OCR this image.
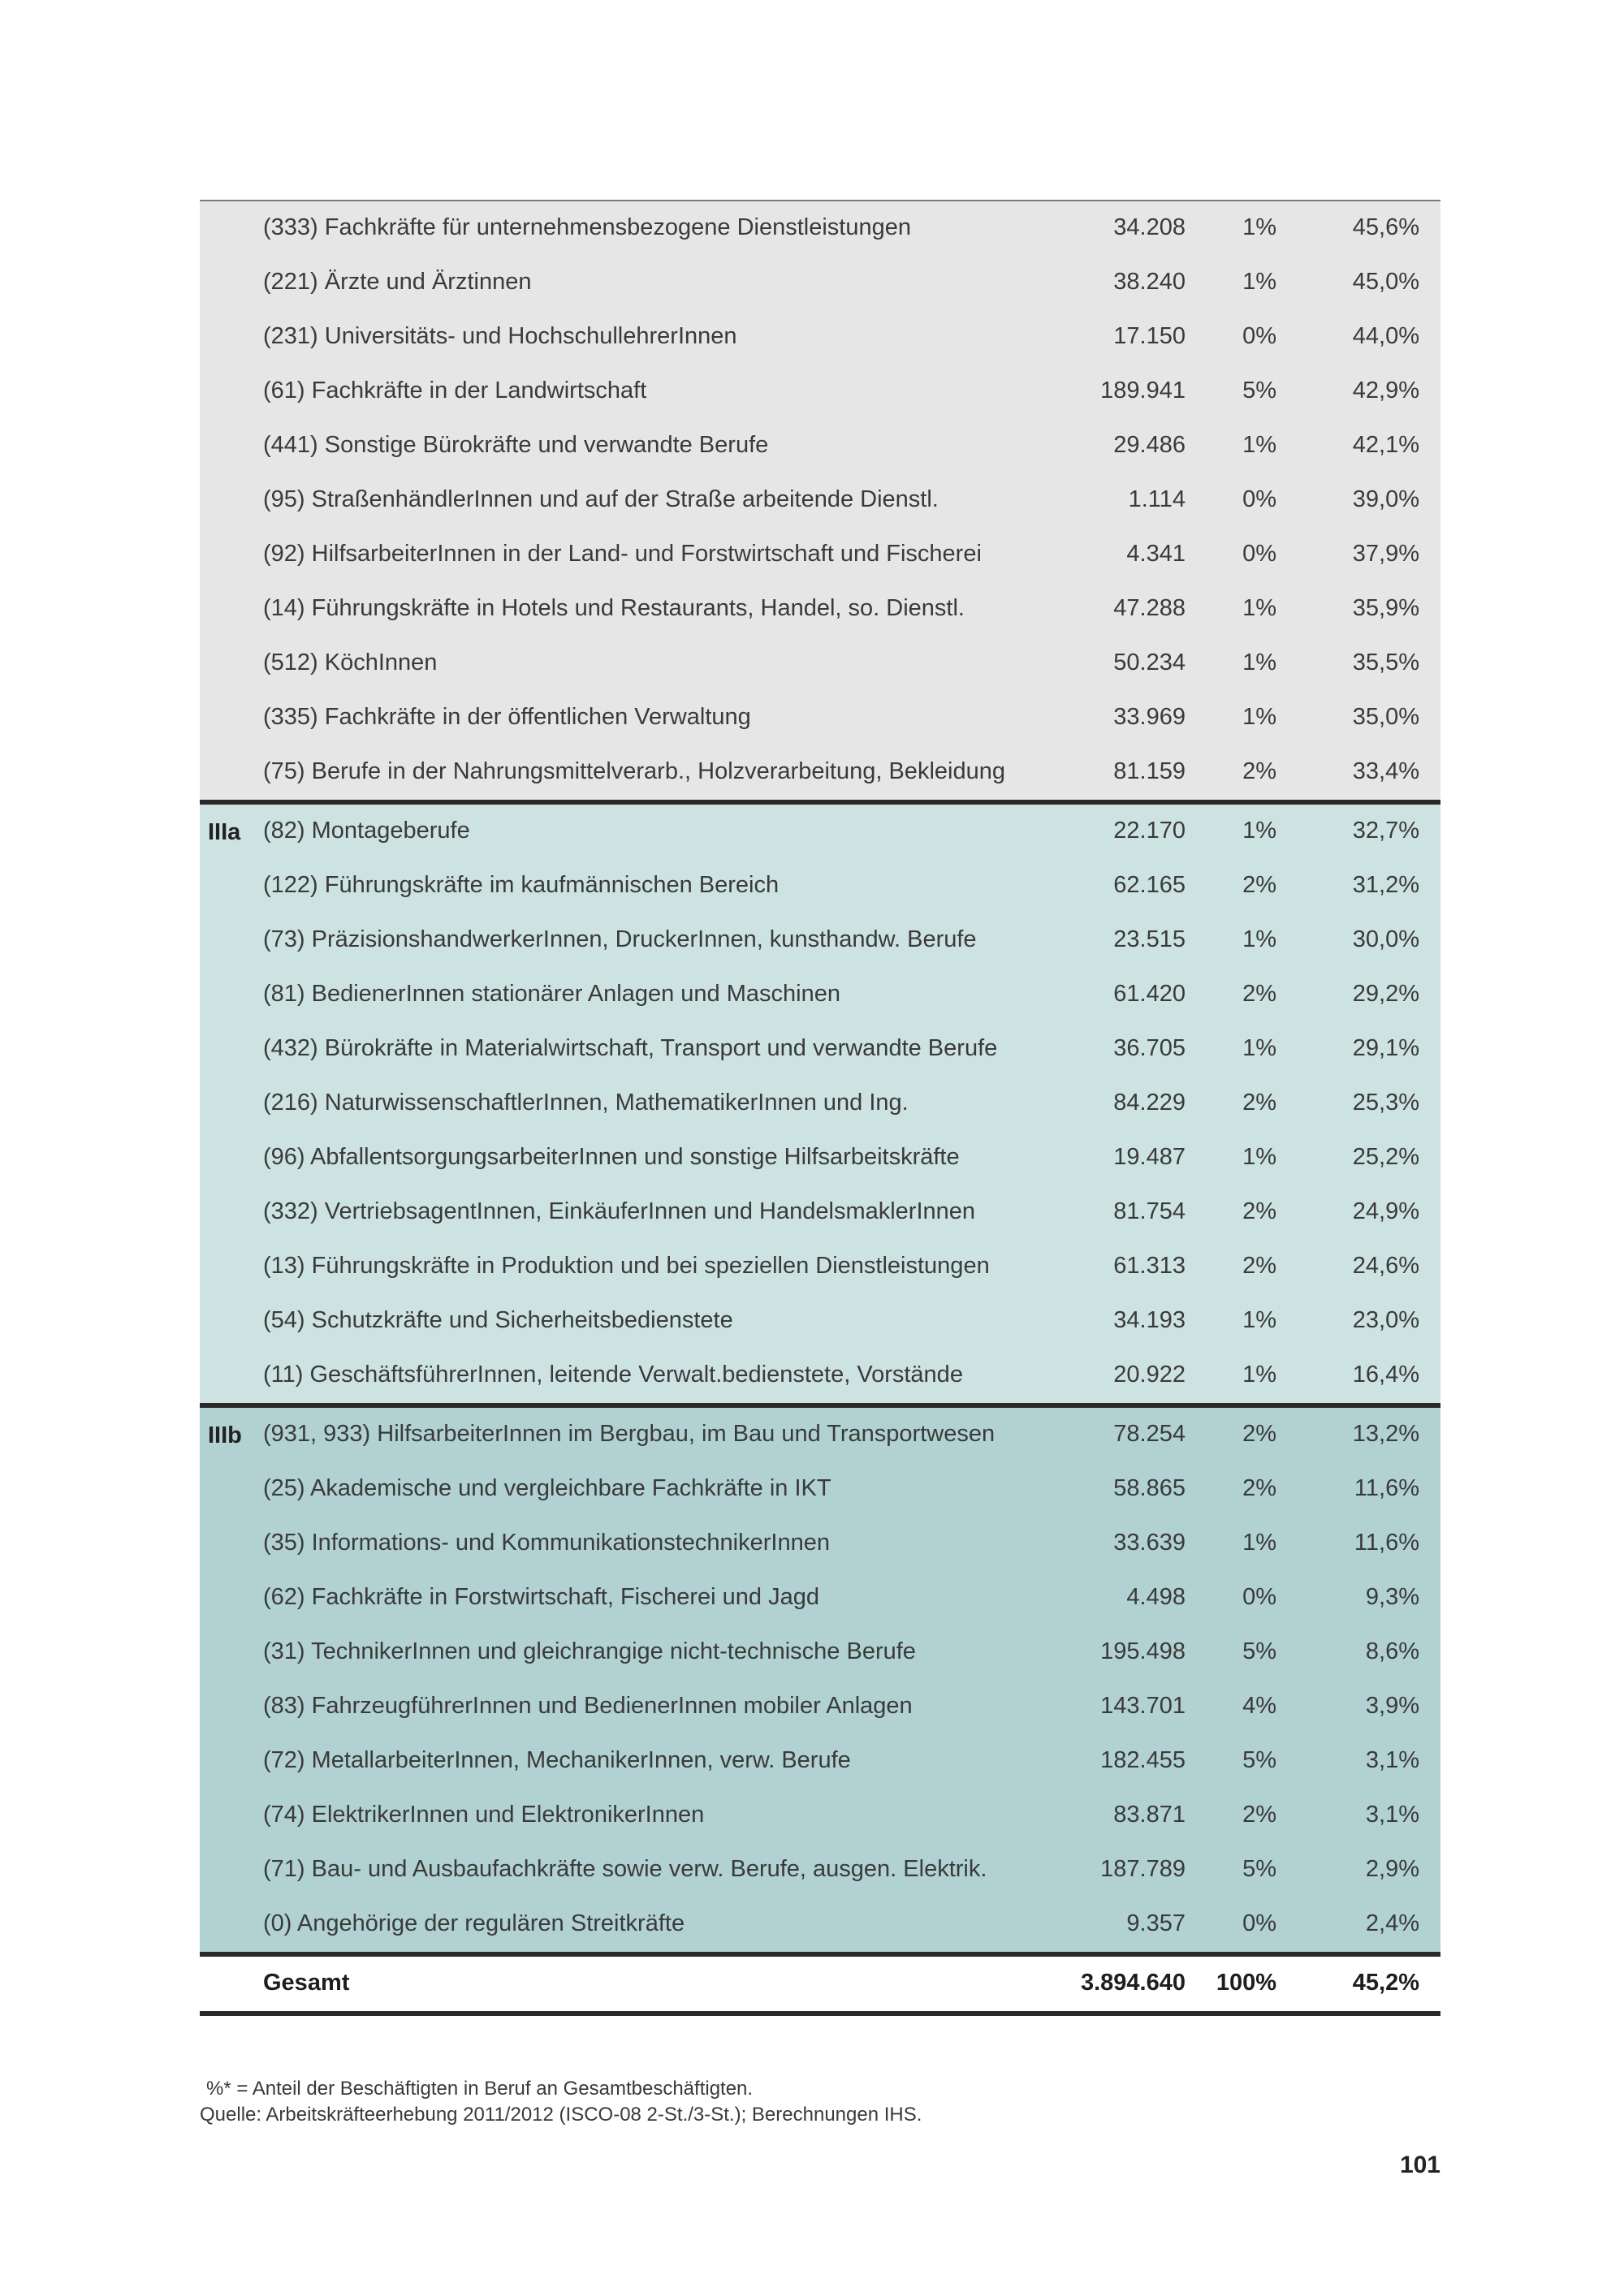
(333) Fachkräfte für unternehmensbezogene Dienstleistungen	34.208 1%	45,6%
(221) Ärzte und Ärztinnen	38.240 1%	45,0%
(231) Universitäts- und HochschullehrerInnen	17.150 0%	44,0%
(61) Fachkräfte in der Landwirtschaft	189.941 5%	42,9%
(441) Sonstige Bürokräfte und verwandte Berufe	29.486 1%	42,1%
(95) StraßenhändlerInnen und auf der Straße arbeitende Dienstl.	1.114 0%	39,0%
(92) HilfsarbeiterInnen in der Land- und Forstwirtschaft und Fischerei	4.341 0%	37,9%
(14) Führungskräfte in Hotels und Restaurants, Handel, so. Dienstl.	47.288 1%	35,9%
(512) KöchInnen	50.234 1%	35,5%
(335) Fachkräfte in der öffentlichen Verwaltung	33.969 1%	35,0%
(75) Berufe in der Nahrungsmittelverarb., Holzverarbeitung, Bekleidung	81.159 2%	33,4%
IIIa (82) Montageberufe	22.170 1%	32,7%
(122) Führungskräfte im kaufmännischen Bereich	62.165 2%	31,2%
(73) PräzisionshandwerkerInnen, DruckerInnen, kunsthandw. Berufe	23.515 1%	30,0%
(81) BedienerInnen stationärer Anlagen und Maschinen	61.420 2%	29,2%
(432) Bürokräfte in Materialwirtschaft, Transport und verwandte Berufe	36.705 1%	29,1%
(216) NaturwissenschaftlerInnen, MathematikerInnen und Ing.	84.229 2%	25,3%
(96) AbfallentsorgungsarbeiterInnen und sonstige Hilfsarbeitskräfte	19.487 1%	25,2%
(332) VertriebsagentInnen, EinkäuferInnen und HandelsmaklerInnen	81.754 2%	24,9%
(13) Führungskräfte in Produktion und bei speziellen Dienstleistungen	61.313 2%	24,6%
(54) Schutzkräfte und Sicherheitsbedienstete	34.193 1%	23,0%
(11) GeschäftsführerInnen, leitende Verwalt.bedienstete, Vorstände	20.922 1%	16,4%
IIIb (931, 933) HilfsarbeiterInnen im Bergbau, im Bau und Transportwesen	78.254 2%	13,2%
(25) Akademische und vergleichbare Fachkräfte in IKT	58.865 2%	11,6%
(35) Informations- und KommunikationstechnikerInnen	33.639 1%	11,6%
(62) Fachkräfte in Forstwirtschaft, Fischerei und Jagd	4.498 0%	9,3%
(31) TechnikerInnen und gleichrangige nicht-technische Berufe	195.498 5%	8,6%
(83) FahrzeugführerInnen und BedienerInnen mobiler Anlagen	143.701 4%	3,9%
(72) MetallarbeiterInnen, MechanikerInnen, verw. Berufe	182.455 5%	3,1%
(74) ElektrikerInnen und ElektronikerInnen	83.871 2%	3,1%
(71) Bau- und Ausbaufachkräfte sowie verw. Berufe, ausgen. Elektrik.	187.789 5%	2,9%
(0) Angehörige der regulären Streitkräfte	9.357 0%	2,4%
Gesamt	3.894.640 100%	45,2%
%* = Anteil der Beschäftigten in Beruf an Gesamtbeschäftigten.
Quelle: Arbeitskräfteerhebung 2011/2012 (ISCO-08 2-St./3-St.); Berechnungen IHS.
101
